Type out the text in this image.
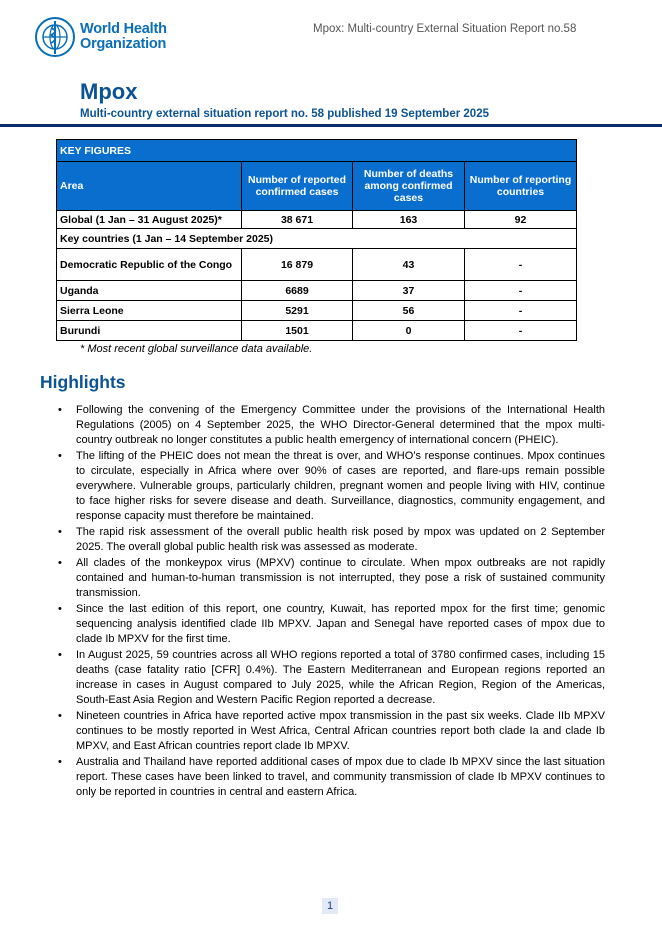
World Health
Organization
Mpox: Multi-country External Situation Report no.58
Mpox
Multi-country external situation report no. 58 published 19 September 2025
KEY FIGURES			
Area	Number of reported confirmed cases	Number of deaths among confirmed cases	Number of reporting countries
Global (1 Jan – 31 August 2025)*	38 671	163	92
Key countries (1 Jan – 14 September 2025)			
Democratic Republic of the Congo	16 879	43	-
Uganda	6689	37	-
Sierra Leone	5291	56	-
Burundi	1501	0	-
* Most recent global surveillance data available.
Highlights
• Following the convening of the Emergency Committee under the provisions of the International Health Regulations (2005) on 4 September 2025, the WHO Director-General determined that the mpox multi-country outbreak no longer constitutes a public health emergency of international concern (PHEIC).
• The lifting of the PHEIC does not mean the threat is over, and WHO’s response continues. Mpox continues to circulate, especially in Africa where over 90% of cases are reported, and flare-ups remain possible everywhere. Vulnerable groups, particularly children, pregnant women and people living with HIV, continue to face higher risks for severe disease and death. Surveillance, diagnostics, community engagement, and response capacity must therefore be maintained.
• The rapid risk assessment of the overall public health risk posed by mpox was updated on 2 September 2025. The overall global public health risk was assessed as moderate.
• All clades of the monkeypox virus (MPXV) continue to circulate. When mpox outbreaks are not rapidly contained and human-to-human transmission is not interrupted, they pose a risk of sustained community transmission.
• Since the last edition of this report, one country, Kuwait, has reported mpox for the first time; genomic sequencing analysis identified clade IIb MPXV. Japan and Senegal have reported cases of mpox due to clade Ib MPXV for the first time.
• In August 2025, 59 countries across all WHO regions reported a total of 3780 confirmed cases, including 15 deaths (case fatality ratio [CFR] 0.4%). The Eastern Mediterranean and European regions reported an increase in cases in August compared to July 2025, while the African Region, Region of the Americas, South-East Asia Region and Western Pacific Region reported a decrease.
• Nineteen countries in Africa have reported active mpox transmission in the past six weeks. Clade IIb MPXV continues to be mostly reported in West Africa, Central African countries report both clade Ia and clade Ib MPXV, and East African countries report clade Ib MPXV.
• Australia and Thailand have reported additional cases of mpox due to clade Ib MPXV since the last situation report. These cases have been linked to travel, and community transmission of clade Ib MPXV continues to only be reported in countries in central and eastern Africa.
1
